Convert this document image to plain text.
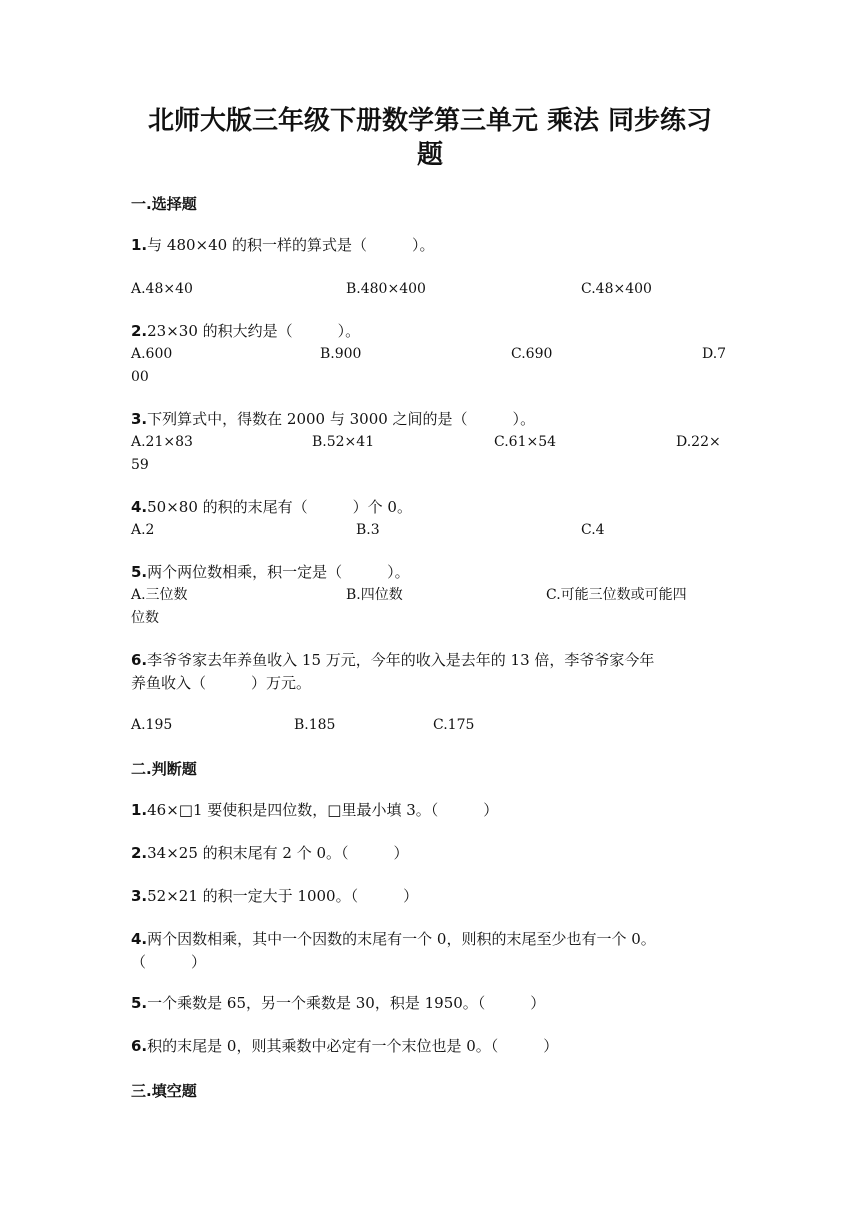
北师大版三年级下册数学第三单元 乘法 同步练习
题
一.选择题
1.与 480×40 的积一样的算式是（　　　）。
A.48×40	B.480×400	C.48×400
2.23×30 的积大约是（　　　）。
A.600	B.900	C.690	D.7
00
3.下列算式中，得数在 2000 与 3000 之间的是（　　　）。
A.21×83	B.52×41	C.61×54	D.22×
59
4.50×80 的积的末尾有（　　　）个 0。
A.2	B.3	C.4
5.两个两位数相乘，积一定是（　　　）。
A.三位数	B.四位数	C.可能三位数或可能四
位数
6.李爷爷家去年养鱼收入 15 万元，今年的收入是去年的 13 倍，李爷爷家今年
养鱼收入（　　　）万元。
A.195	B.185	C.175
二.判断题
1.46×□1 要使积是四位数，□里最小填 3。（　　　）
2.34×25 的积末尾有 2 个 0。（　　　）
3.52×21 的积一定大于 1000。（　　　）
4.两个因数相乘，其中一个因数的末尾有一个 0，则积的末尾至少也有一个 0。
（　　　）
5.一个乘数是 65，另一个乘数是 30，积是 1950。（　　　）
6.积的末尾是 0，则其乘数中必定有一个末位也是 0。（　　　）
三.填空题
